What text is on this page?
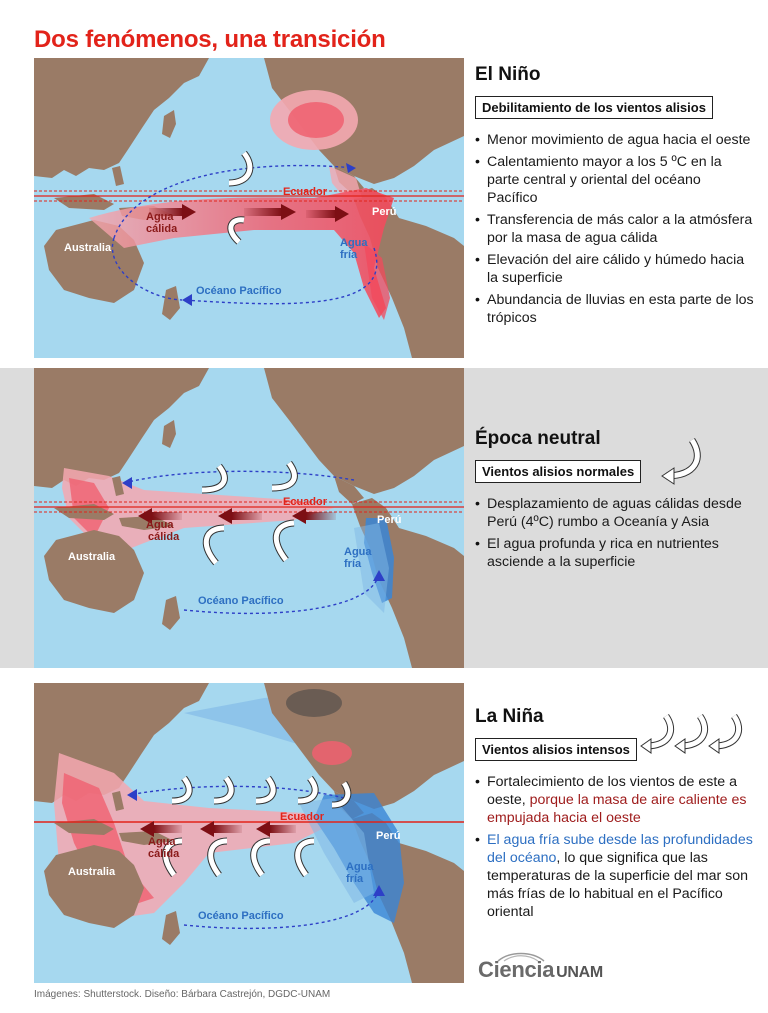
Dos fenómenos, una transición
Ecuador
Agua cálida
Australia
Perú
Agua fría
Océano Pacífico
El Niño
Debilitamiento de los vientos alisios
• Menor movimiento de agua hacia el oeste
• Calentamiento mayor a los 5 ºC en la parte central y oriental del océano Pacífico
• Transferencia de más calor a la atmósfera por la masa de agua cálida
• Elevación del aire cálido y húmedo hacia la superficie
• Abundancia de lluvias en esta parte de los trópicos
Ecuador
Agua cálida
Australia
Perú
Agua fría
Océano Pacífico
Época neutral
Vientos alisios normales
• Desplazamiento de aguas cálidas desde Perú (4ºC) rumbo a Oceanía y Asia
• El agua profunda y rica en nutrientes asciende a la superficie
Ecuador
Agua cálida
Australia
Perú
Agua fría
Océano Pacífico
La Niña
Vientos alisios intensos
• Fortalecimiento de los vientos de este a oeste, porque la masa de aire caliente es empujada hacia el oeste
• El agua fría sube desde las profundidades del océano, lo que significa que las temperaturas de la superficie del mar son más frías de lo habitual en el Pacífico oriental
Imágenes: Shutterstock. Diseño: Bárbara Castrejón, DGDC-UNAM
Ciencia UNAM
